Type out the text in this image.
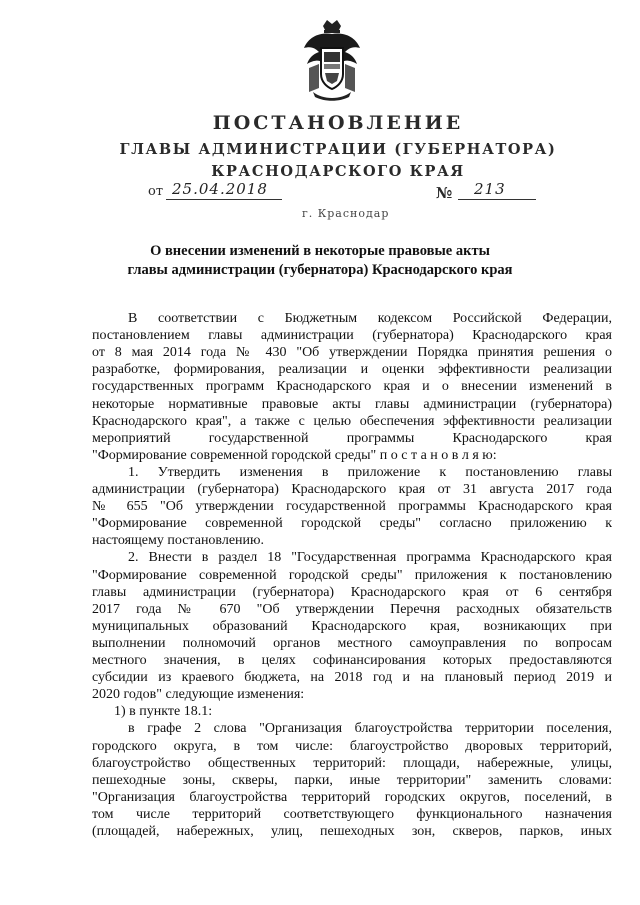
ПОСТАНОВЛЕНИЕ
ГЛАВЫ АДМИНИСТРАЦИИ (ГУБЕРНАТОРА)
КРАСНОДАРСКОГО КРАЯ
от 25.04.2018	№ 213
г. Краснодар
О внесении изменений в некоторые правовые акты
главы администрации (губернатора) Краснодарского края
В соответствии с Бюджетным кодексом Российской Федерации,
постановлением главы администрации (губернатора) Краснодарского края
от 8 мая 2014 года № 430 "Об утверждении Порядка принятия решения о
разработке, формирования, реализации и оценки эффективности реализации
государственных программ Краснодарского края и о внесении изменений в
некоторые нормативные правовые акты главы администрации (губернатора)
Краснодарского края", а также с целью обеспечения эффективности реализации
мероприятий государственной программы Краснодарского края
"Формирование современной городской среды" п о с т а н о в л я ю:
1. Утвердить изменения в приложение к постановлению главы
администрации (губернатора) Краснодарского края от 31 августа 2017 года
№ 655 "Об утверждении государственной программы Краснодарского края
"Формирование современной городской среды" согласно приложению к
настоящему постановлению.
2. Внести в раздел 18 "Государственная программа Краснодарского края
"Формирование современной городской среды" приложения к постановлению
главы администрации (губернатора) Краснодарского края от 6 сентября
2017 года № 670 "Об утверждении Перечня расходных обязательств
муниципальных образований Краснодарского края, возникающих при
выполнении полномочий органов местного самоуправления по вопросам
местного значения, в целях софинансирования которых предоставляются
субсидии из краевого бюджета, на 2018 год и на плановый период 2019 и
2020 годов" следующие изменения:
1) в пункте 18.1:
в графе 2 слова "Организация благоустройства территории поселения,
городского округа, в том числе: благоустройство дворовых территорий,
благоустройство общественных территорий: площади, набережные, улицы,
пешеходные зоны, скверы, парки, иные территории" заменить словами:
"Организация благоустройства территорий городских округов, поселений, в
том числе территорий соответствующего функционального назначения
(площадей, набережных, улиц, пешеходных зон, скверов, парков, иных
